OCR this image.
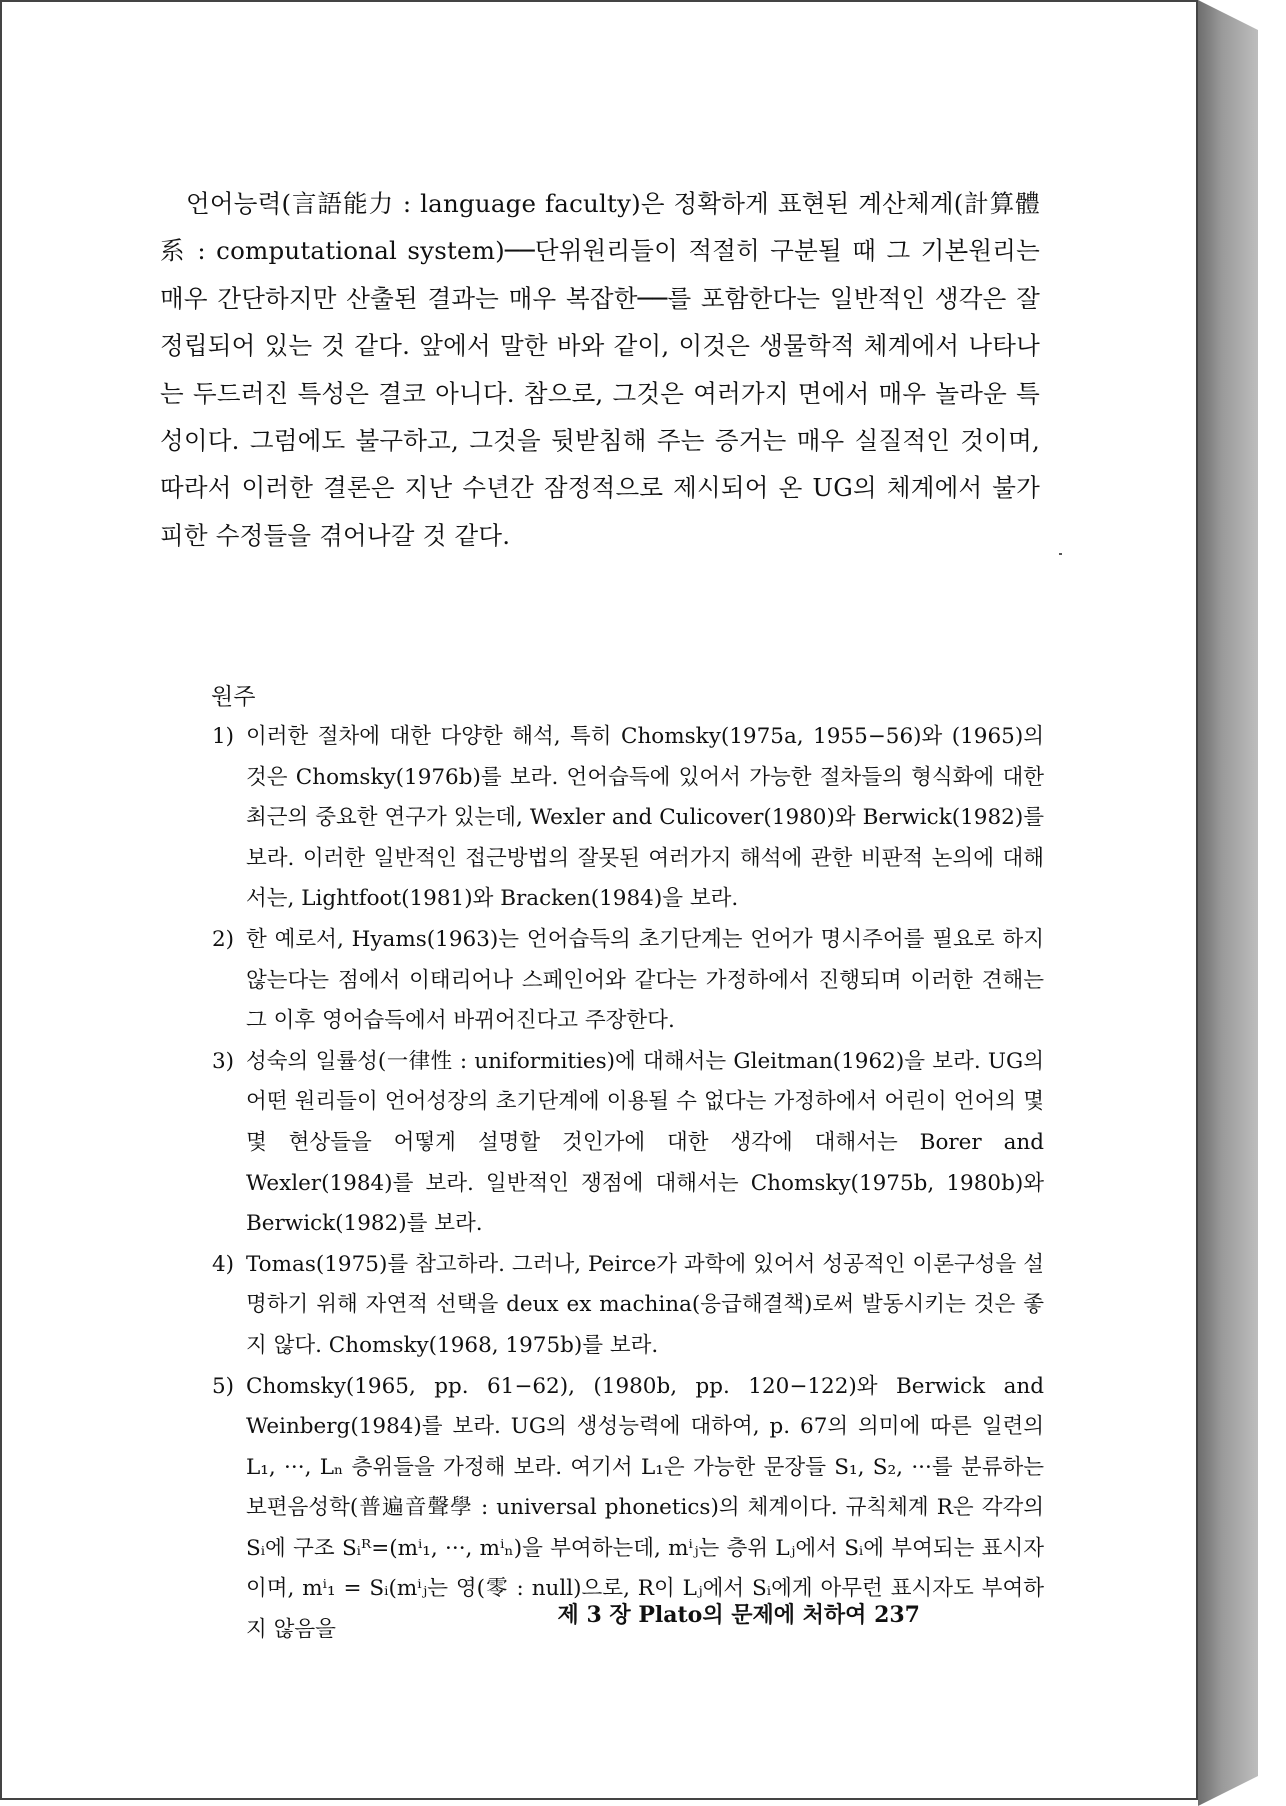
언어능력(言語能力 : language faculty)은 정확하게 표현된 계산체계(計算體系 : computational system)──단위원리들이 적절히 구분될 때 그 기본원리는 매우 간단하지만 산출된 결과는 매우 복잡한──를 포함한다는 일반적인 생각은 잘 정립되어 있는 것 같다. 앞에서 말한 바와 같이, 이것은 생물학적 체계에서 나타나는 두드러진 특성은 결코 아니다. 참으로, 그것은 여러가지 면에서 매우 놀라운 특성이다. 그럼에도 불구하고, 그것을 뒷받침해 주는 증거는 매우 실질적인 것이며, 따라서 이러한 결론은 지난 수년간 잠정적으로 제시되어 온 UG의 체계에서 불가피한 수정들을 겪어나갈 것 같다.

원주

1) 이러한 절차에 대한 다양한 해석, 특히 Chomsky(1975a, 1955−56)와 (1965)의 것은 Chomsky(1976b)를 보라. 언어습득에 있어서 가능한 절차들의 형식화에 대한 최근의 중요한 연구가 있는데, Wexler and Culicover(1980)와 Berwick(1982)를 보라. 이러한 일반적인 접근방법의 잘못된 여러가지 해석에 관한 비판적 논의에 대해서는, Lightfoot(1981)와 Bracken(1984)을 보라.
2) 한 예로서, Hyams(1963)는 언어습득의 초기단계는 언어가 명시주어를 필요로 하지 않는다는 점에서 이태리어나 스페인어와 같다는 가정하에서 진행되며 이러한 견해는 그 이후 영어습득에서 바뀌어진다고 주장한다.
3) 성숙의 일률성(一律性 : uniformities)에 대해서는 Gleitman(1962)을 보라. UG의 어떤 원리들이 언어성장의 초기단계에 이용될 수 없다는 가정하에서 어린이 언어의 몇몇 현상들을 어떻게 설명할 것인가에 대한 생각에 대해서는 Borer and Wexler(1984)를 보라. 일반적인 쟁점에 대해서는 Chomsky(1975b, 1980b)와 Berwick(1982)를 보라.
4) Tomas(1975)를 참고하라. 그러나, Peirce가 과학에 있어서 성공적인 이론구성을 설명하기 위해 자연적 선택을 deux ex machina(응급해결책)로써 발동시키는 것은 좋지 않다. Chomsky(1968, 1975b)를 보라.
5) Chomsky(1965, pp. 61−62), (1980b, pp. 120−122)와 Berwick and Weinberg(1984)를 보라. UG의 생성능력에 대하여, p. 67의 의미에 따른 일련의 L₁, ···, Lₙ 층위들을 가정해 보라. 여기서 L₁은 가능한 문장들 S₁, S₂, ···를 분류하는 보편음성학(普遍音聲學 : universal phonetics)의 체계이다. 규칙체계 R은 각각의 Sᵢ에 구조 Sᵢᴿ=(mⁱ₁, ···, mⁱₙ)을 부여하는데, mⁱⱼ는 층위 Lⱼ에서 Sᵢ에 부여되는 표시자이며, mⁱ₁ = Sᵢ(mⁱⱼ는 영(零 : null)으로, R이 Lⱼ에서 Sᵢ에게 아무런 표시자도 부여하지 않음을

제 3 장 Plato의 문제에 처하여 237
